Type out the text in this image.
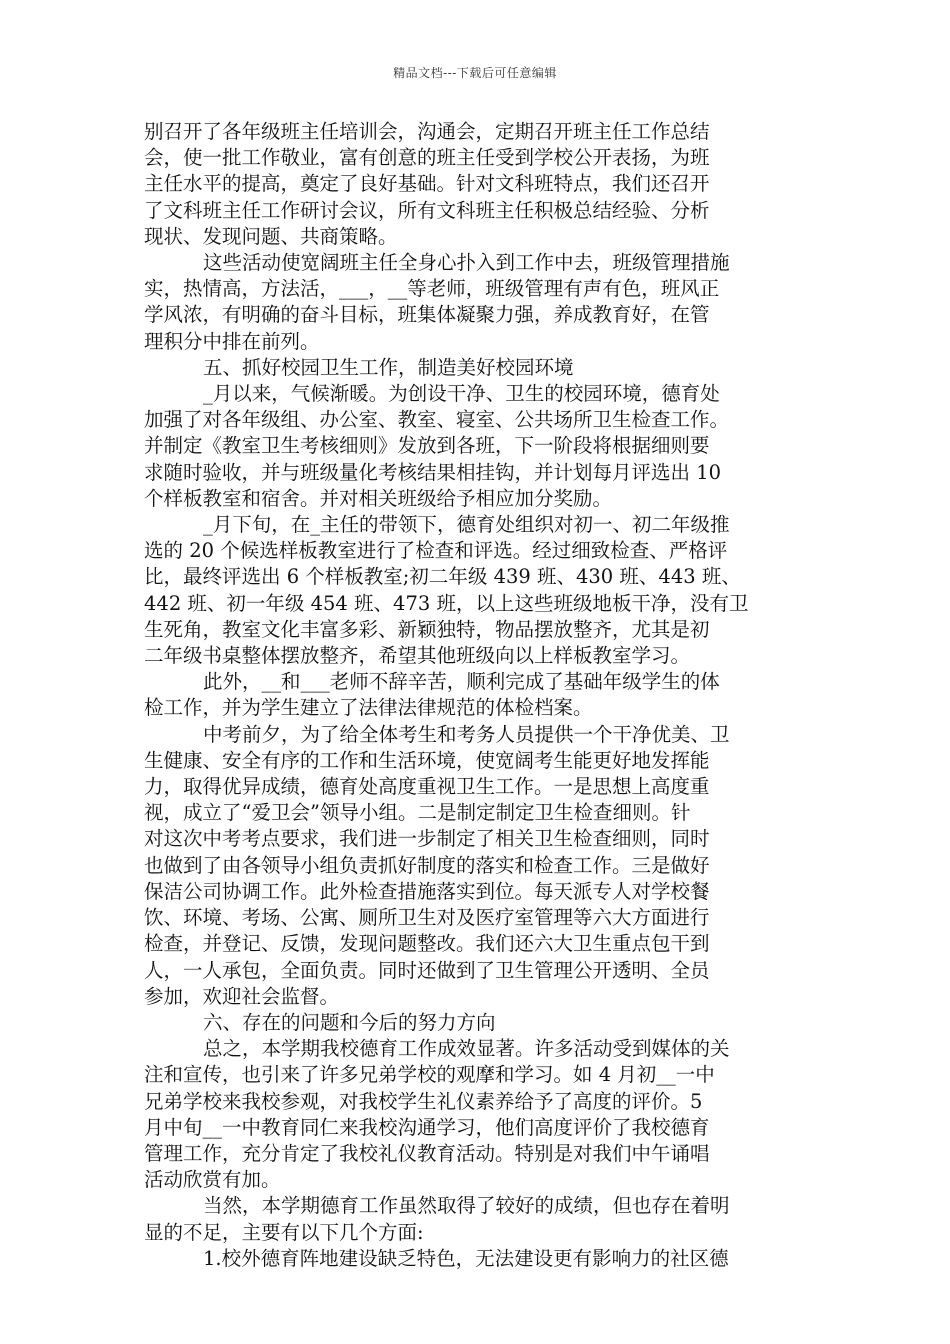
精品文档---下载后可任意编辑
别召开了各年级班主任培训会，沟通会，定期召开班主任工作总结
会，使一批工作敬业，富有创意的班主任受到学校公开表扬，为班
主任水平的提高，奠定了良好基础。针对文科班特点，我们还召开
了文科班主任工作研讨会议，所有文科班主任积极总结经验、分析
现状、发现问题、共商策略。
这些活动使宽阔班主任全身心扑入到工作中去，班级管理措施
实，热情高，方法活，___，__等老师，班级管理有声有色，班风正
学风浓，有明确的奋斗目标，班集体凝聚力强，养成教育好，在管
理积分中排在前列。
五、抓好校园卫生工作，制造美好校园环境
_月以来，气候渐暖。为创设干净、卫生的校园环境，德育处
加强了对各年级组、办公室、教室、寝室、公共场所卫生检查工作。
并制定《教室卫生考核细则》发放到各班，下一阶段将根据细则要
求随时验收，并与班级量化考核结果相挂钩，并计划每月评选出 10
个样板教室和宿舍。并对相关班级给予相应加分奖励。
_月下旬，在_主任的带领下，德育处组织对初一、初二年级推
选的 20 个候选样板教室进行了检查和评选。经过细致检查、严格评
比，最终评选出 6 个样板教室;初二年级 439 班、430 班、443 班、
442 班、初一年级 454 班、473 班，以上这些班级地板干净，没有卫
生死角，教室文化丰富多彩、新颖独特，物品摆放整齐，尤其是初
二年级书桌整体摆放整齐，希望其他班级向以上样板教室学习。
此外，__和___老师不辞辛苦，顺利完成了基础年级学生的体
检工作，并为学生建立了法律法律规范的体检档案。
中考前夕，为了给全体考生和考务人员提供一个干净优美、卫
生健康、安全有序的工作和生活环境，使宽阔考生能更好地发挥能
力，取得优异成绩，德育处高度重视卫生工作。一是思想上高度重
视，成立了“爱卫会”领导小组。二是制定制定卫生检查细则。针
对这次中考考点要求，我们进一步制定了相关卫生检查细则，同时
也做到了由各领导小组负责抓好制度的落实和检查工作。三是做好
保洁公司协调工作。此外检查措施落实到位。每天派专人对学校餐
饮、环境、考场、公寓、厕所卫生对及医疗室管理等六大方面进行
检查，并登记、反馈，发现问题整改。我们还六大卫生重点包干到
人，一人承包，全面负责。同时还做到了卫生管理公开透明、全员
参加，欢迎社会监督。
六、存在的问题和今后的努力方向
总之，本学期我校德育工作成效显著。许多活动受到媒体的关
注和宣传，也引来了许多兄弟学校的观摩和学习。如 4 月初__一中
兄弟学校来我校参观，对我校学生礼仪素养给予了高度的评价。5
月中旬__一中教育同仁来我校沟通学习，他们高度评价了我校德育
管理工作，充分肯定了我校礼仪教育活动。特别是对我们中午诵唱
活动欣赏有加。
当然，本学期德育工作虽然取得了较好的成绩，但也存在着明
显的不足，主要有以下几个方面:
1.校外德育阵地建设缺乏特色，无法建设更有影响力的社区德
